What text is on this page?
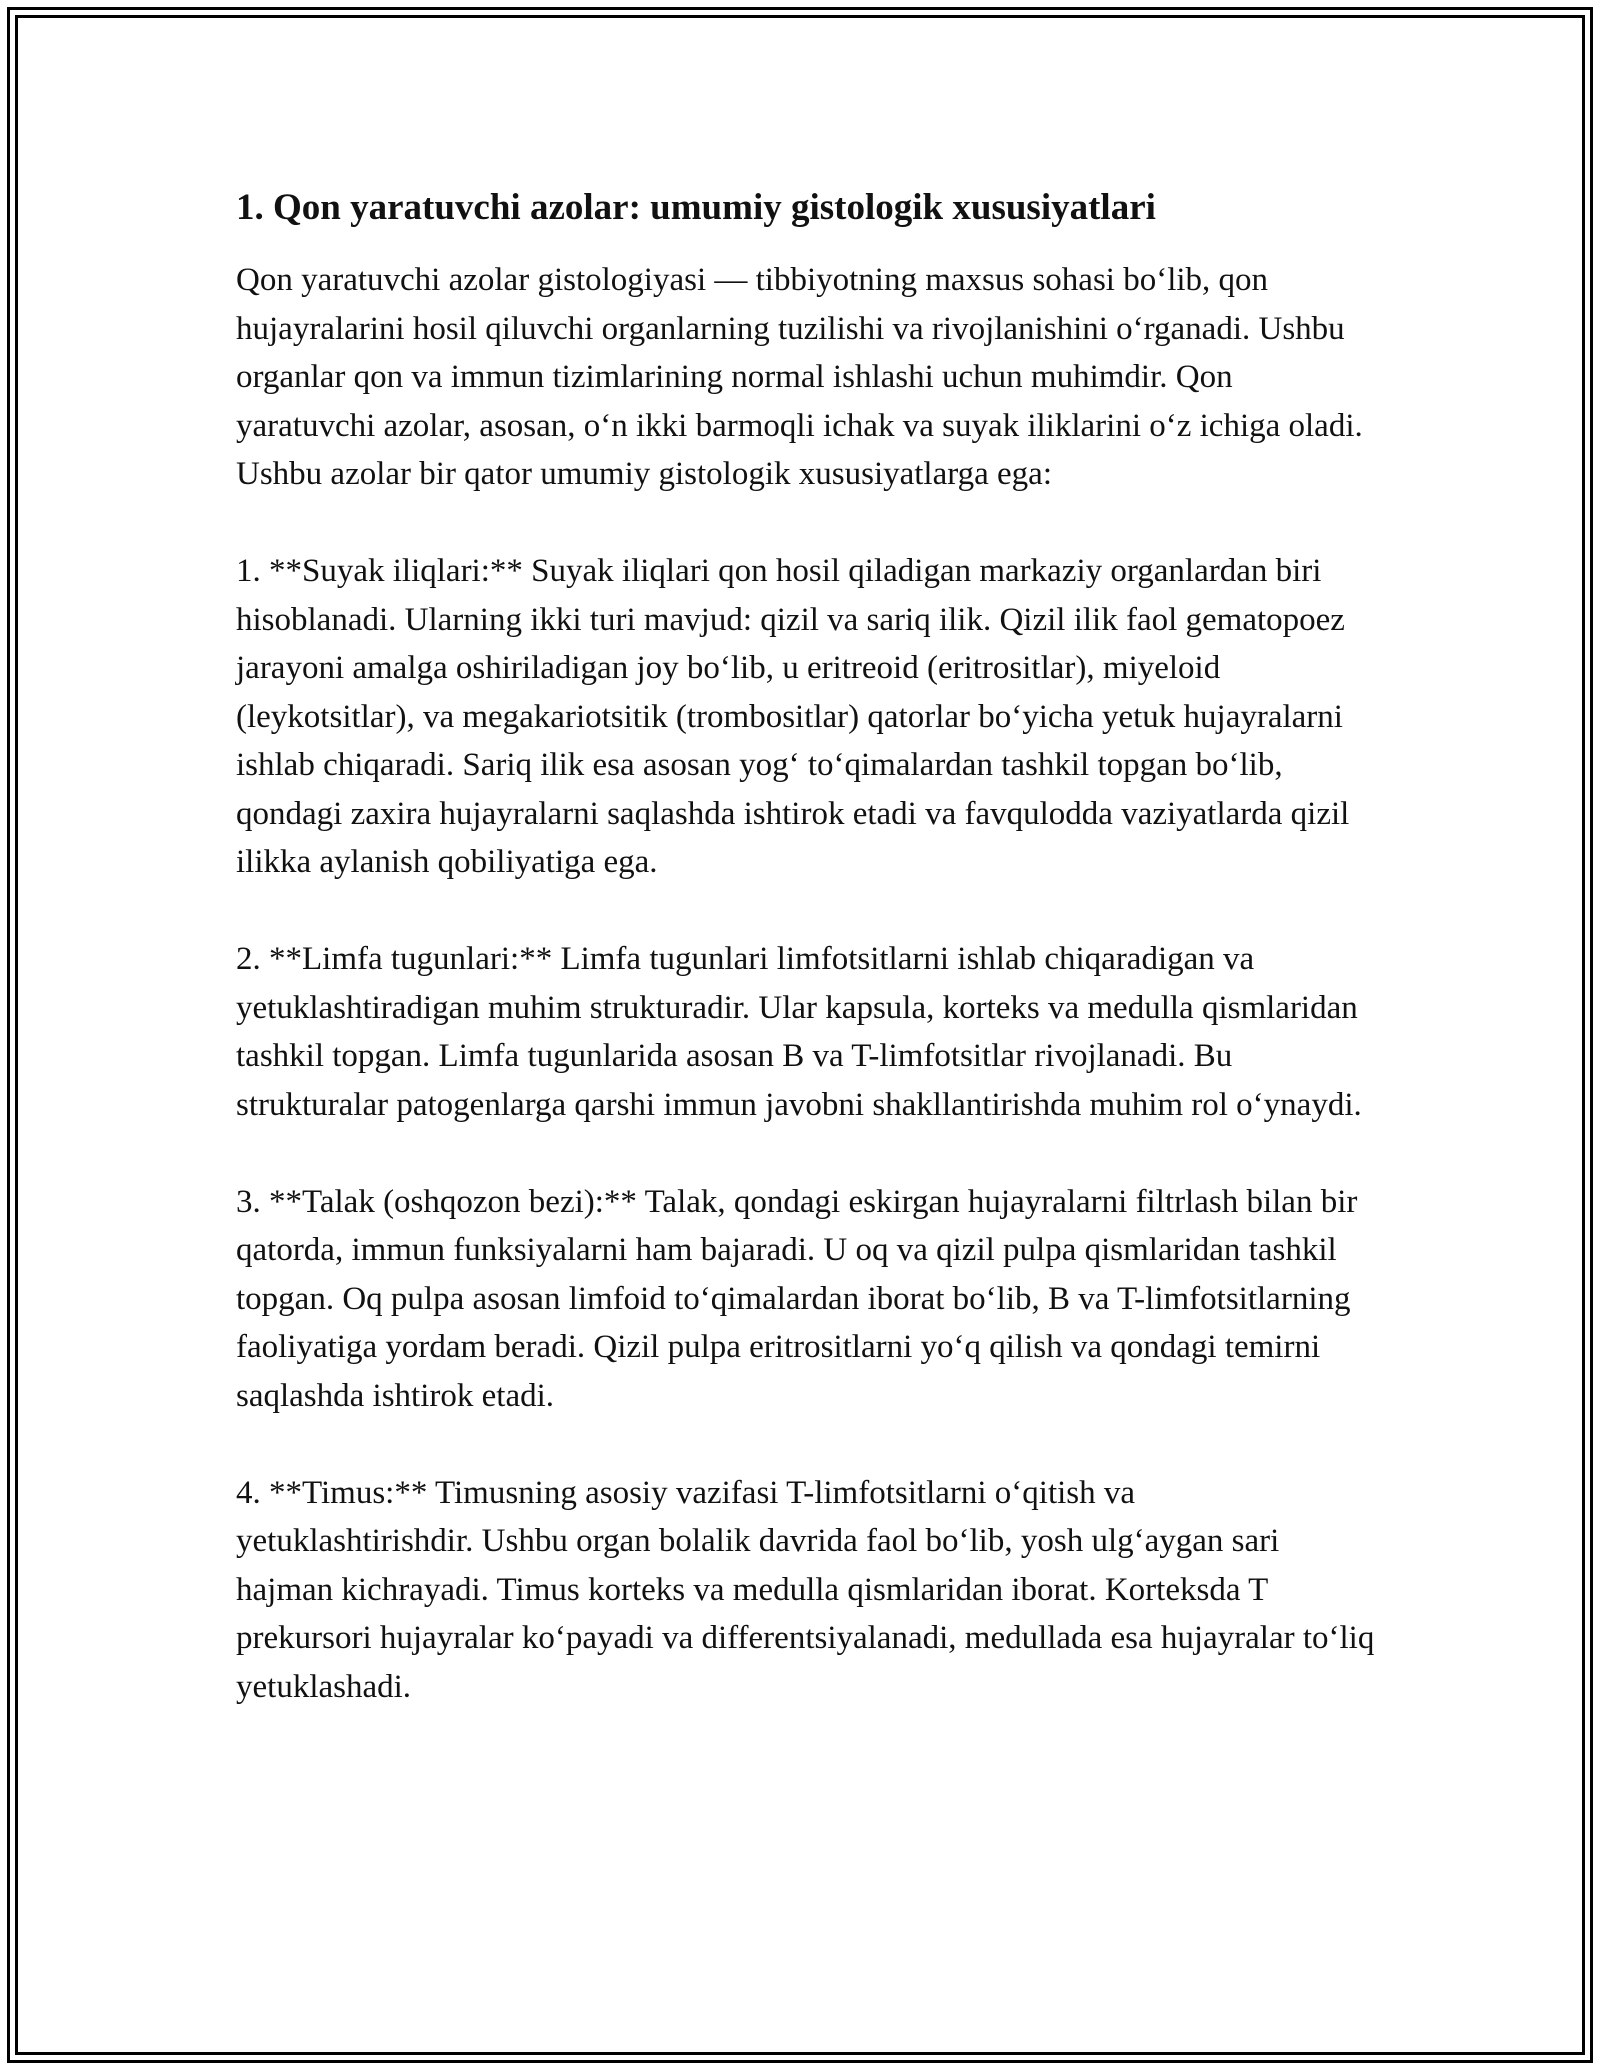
1. Qon yaratuvchi azolar: umumiy gistologik xususiyatlari

Qon yaratuvchi azolar gistologiyasi — tibbiyotning maxsus sohasi bo‘lib, qon hujayralarini hosil qiluvchi organlarning tuzilishi va rivojlanishini o‘rganadi. Ushbu organlar qon va immun tizimlarining normal ishlashi uchun muhimdir. Qon yaratuvchi azolar, asosan, o‘n ikki barmoqli ichak va suyak iliklarini o‘z ichiga oladi. Ushbu azolar bir qator umumiy gistologik xususiyatlarga ega:

1. **Suyak iliqlari:** Suyak iliqlari qon hosil qiladigan markaziy organlardan biri hisoblanadi. Ularning ikki turi mavjud: qizil va sariq ilik. Qizil ilik faol gematopoez jarayoni amalga oshiriladigan joy bo‘lib, u eritreoid (eritrositlar), miyeloid (leykotsitlar), va megakariotsitik (trombositlar) qatorlar bo‘yicha yetuk hujayralarni ishlab chiqaradi. Sariq ilik esa asosan yog‘ to‘qimalardan tashkil topgan bo‘lib, qondagi zaxira hujayralarni saqlashda ishtirok etadi va favqulodda vaziyatlarda qizil ilikka aylanish qobiliyatiga ega.

2. **Limfa tugunlari:** Limfa tugunlari limfotsitlarni ishlab chiqaradigan va yetuklashtiradigan muhim strukturadir. Ular kapsula, korteks va medulla qismlaridan tashkil topgan. Limfa tugunlarida asosan B va T-limfotsitlar rivojlanadi. Bu strukturalar patogenlarga qarshi immun javobni shakllantirishda muhim rol o‘ynaydi.

3. **Talak (oshqozon bezi):** Talak, qondagi eskirgan hujayralarni filtrlash bilan bir qatorda, immun funksiyalarni ham bajaradi. U oq va qizil pulpa qismlaridan tashkil topgan. Oq pulpa asosan limfoid to‘qimalardan iborat bo‘lib, B va T-limfotsitlarning faoliyatiga yordam beradi. Qizil pulpa eritrositlarni yo‘q qilish va qondagi temirni saqlashda ishtirok etadi.

4. **Timus:** Timusning asosiy vazifasi T-limfotsitlarni o‘qitish va yetuklashtirishdir. Ushbu organ bolalik davrida faol bo‘lib, yosh ulg‘aygan sari hajman kichrayadi. Timus korteks va medulla qismlaridan iborat. Korteksda T prekursori hujayralar ko‘payadi va differentsiyalanadi, medullada esa hujayralar to‘liq yetuklashadi.
